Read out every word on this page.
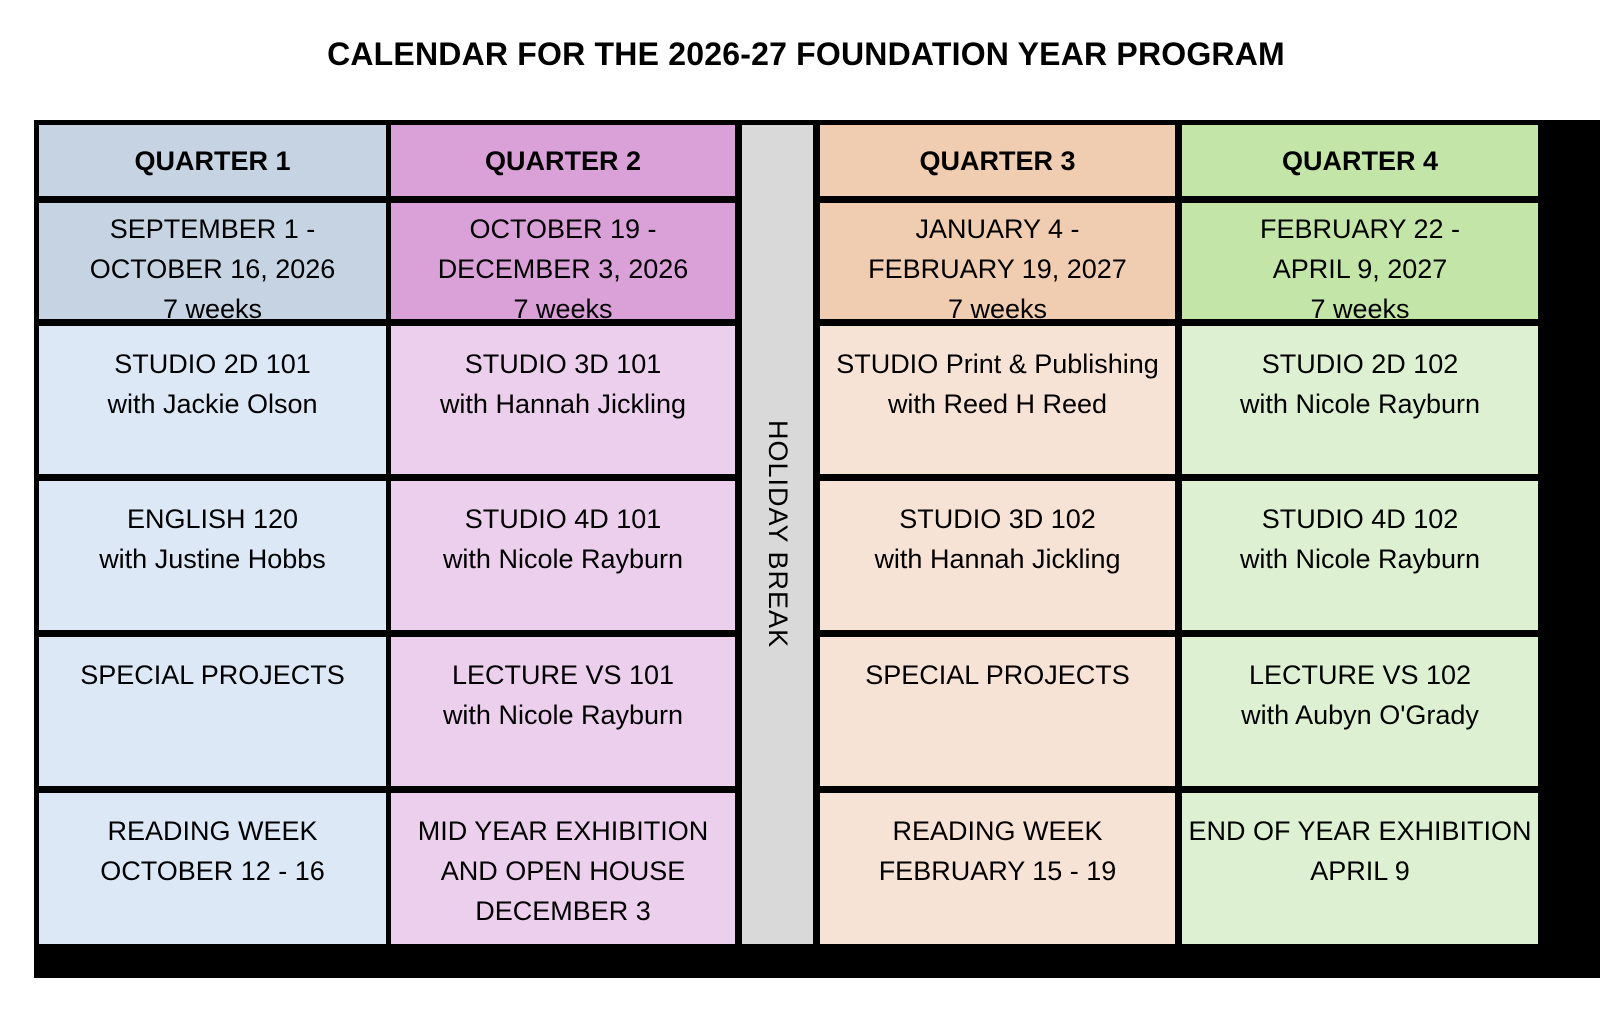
CALENDAR FOR THE 2026-27 FOUNDATION YEAR PROGRAM
QUARTER 1
SEPTEMBER 1 -
OCTOBER 16, 2026
7 weeks
STUDIO 2D 101
with Jackie Olson
ENGLISH 120
with Justine Hobbs
SPECIAL PROJECTS
READING WEEK
OCTOBER 12 - 16
QUARTER 2
OCTOBER 19 -
DECEMBER 3, 2026
7 weeks
STUDIO 3D 101
with Hannah Jickling
STUDIO 4D 101
with Nicole Rayburn
LECTURE VS 101
with Nicole Rayburn
MID YEAR EXHIBITION
AND OPEN HOUSE
DECEMBER 3
QUARTER 3
JANUARY 4 -
FEBRUARY 19, 2027
7 weeks
STUDIO Print & Publishing
with Reed H Reed
STUDIO 3D 102
with Hannah Jickling
SPECIAL PROJECTS
READING WEEK
FEBRUARY 15 - 19
QUARTER 4
FEBRUARY 22 -
APRIL 9, 2027
7 weeks
STUDIO 2D 102
with Nicole Rayburn
STUDIO 4D 102
with Nicole Rayburn
LECTURE VS 102
with Aubyn O'Grady
END OF YEAR EXHIBITION
APRIL 9
HOLIDAY BREAK
